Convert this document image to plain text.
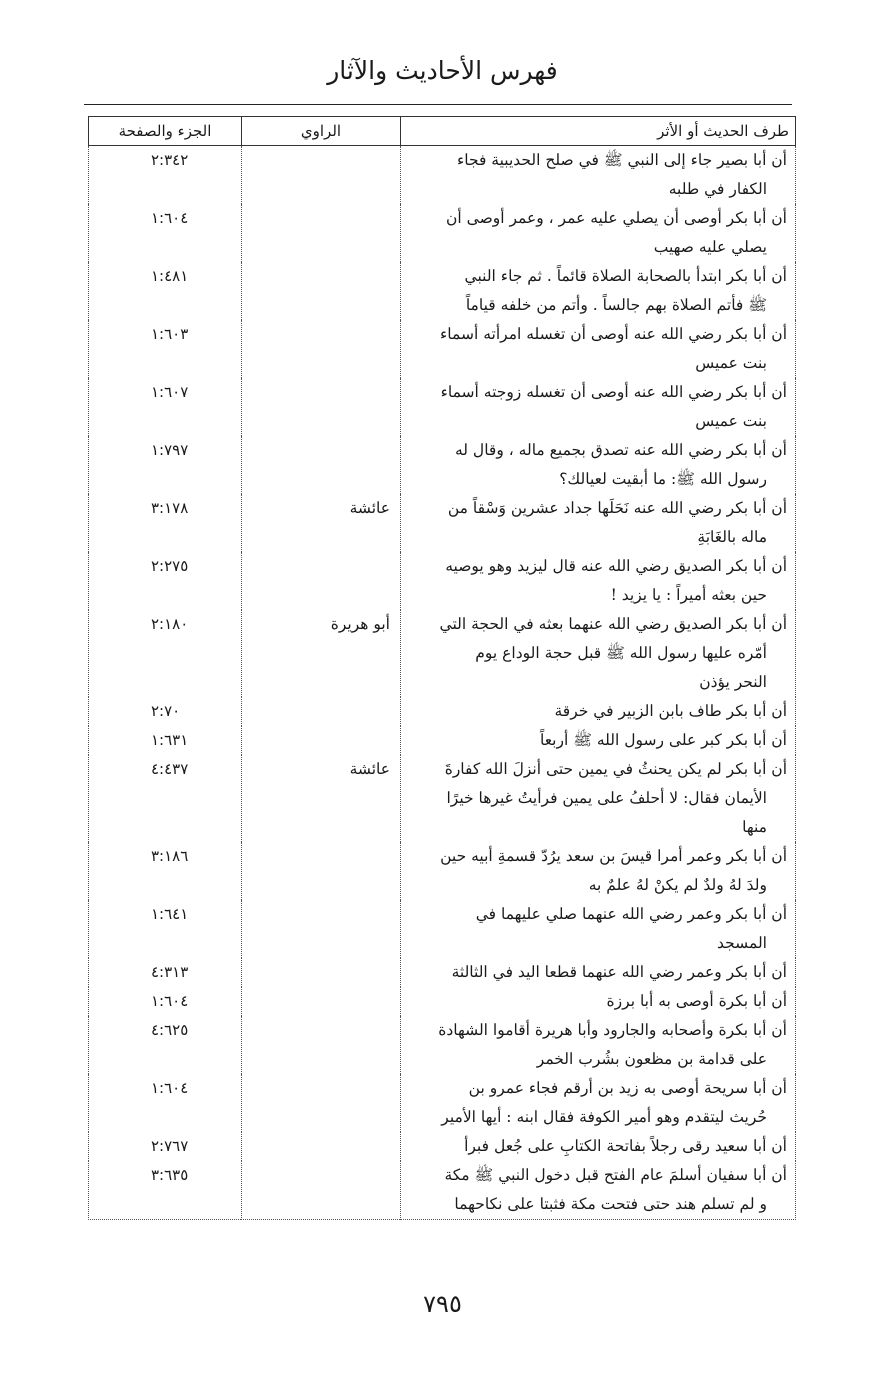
فهرس الأحاديث والآثار
طرف الحديث أو الأثر	الراوي	الجزء والصفحة
أن أبا بصير جاء إلى النبي ﷺ في صلح الحديبية فجاء
الكفار في طلبه		٢:٣٤٢
أن أبا بكر أوصى أن يصلي عليه عمر ، وعمر أوصى أن
يصلي عليه صهيب		١:٦٠٤
أن أبا بكر ابتدأ بالصحابة الصلاة قائماً . ثم جاء النبي
ﷺ فأتم الصلاة بهم جالساً . وأتم من خلفه قياماً		١:٤٨١
أن أبا بكر رضي الله عنه أوصى أن تغسله امرأته أسماء
بنت عميس		١:٦٠٣
أن أبا بكر رضي الله عنه أوصى أن تغسله زوجته أسماء
بنت عميس		١:٦٠٧
أن أبا بكر رضي الله عنه تصدق بجميع ماله ، وقال له
رسول الله ﷺ: ما أبقيت لعيالك؟		١:٧٩٧
أن أبا بكر رضي الله عنه نَحَلَها جداد عشرين وَسْقاً من
ماله بالغَابَةِ	عائشة	٣:١٧٨
أن أبا بكر الصديق رضي الله عنه قال ليزيد وهو يوصيه
حين بعثه أميراً : يا يزيد !		٢:٢٧٥
أن أبا بكر الصديق رضي الله عنهما بعثه في الحجة التي
أمّره عليها رسول الله ﷺ قبل حجة الوداع يوم
النحر يؤذن	أبو هريرة	٢:١٨٠
أن أبا بكر طاف بابن الزبير في خرقة		٢:٧٠
أن أبا بكر كبر على رسول الله ﷺ أربعاً		١:٦٣١
أن أبا بكر لم يكن يحنثُ في يمين حتى أنزلَ الله كفارةَ
الأيمان فقال: لا أحلفُ على يمين فرأيتُ غيرها خيرًا
منها	عائشة	٤:٤٣٧
أن أبا بكر وعمر أمرا قيسَ بن سعد يرُدّ قسمةِ أبيه حين
ولدَ لهُ ولدٌ لم يكنْ لهُ علمٌ به		٣:١٨٦
أن أبا بكر وعمر رضي الله عنهما صلي عليهما في
المسجد		١:٦٤١
أن أبا بكر وعمر رضي الله عنهما قطعا اليد في الثالثة		٤:٣١٣
أن أبا بكرة أوصى به أبا برزة		١:٦٠٤
أن أبا بكرة وأصحابه والجارود وأبا هريرة أقاموا الشهادة
على قدامة بن مظعون بشُرب الخمر		٤:٦٢٥
أن أبا سريحة أوصى به زيد بن أرقم فجاء عمرو بن
حُريث ليتقدم وهو أمير الكوفة فقال ابنه : أيها الأمير		١:٦٠٤
أن أبا سعيد رقى رجلاً بفاتحة الكتابِ على جُعل فبرأ		٢:٧٦٧
أن أبا سفيان أسلمَ عام الفتح قبل دخول النبي ﷺ مكة
و لم تسلم هند حتى فتحت مكة فثبتا على نكاحهما		٣:٦٣٥
٧٩٥
